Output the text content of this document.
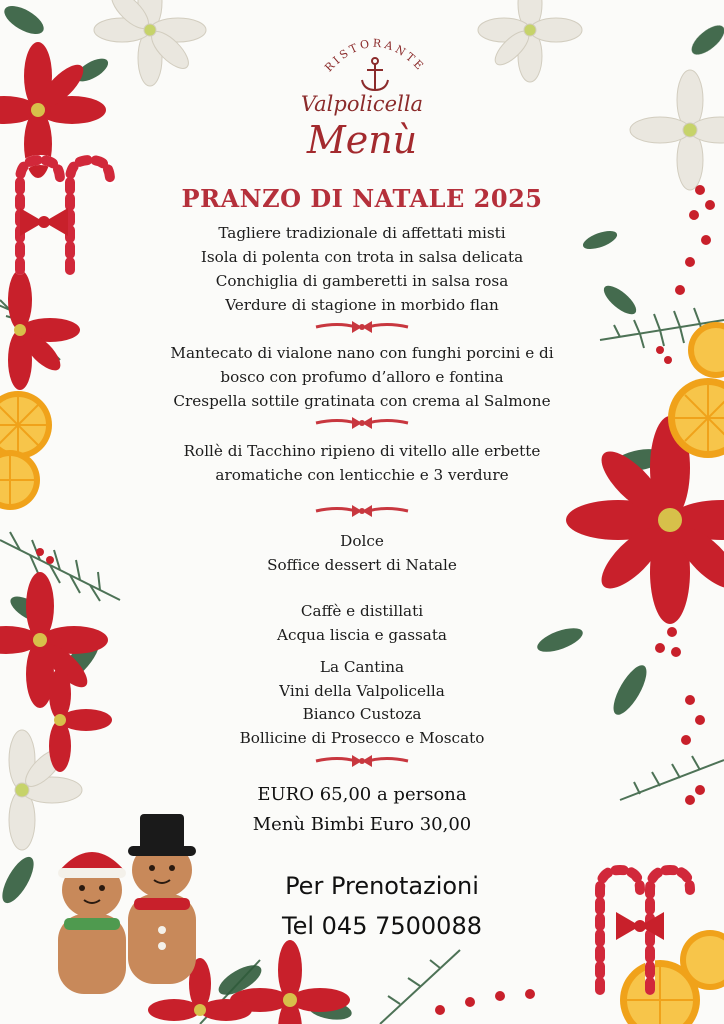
RISTORANTE
Valpolicella
Menù
PRANZO DI NATALE 2025
Tagliere tradizionale di affettati misti
Isola di polenta con trota in salsa delicata
Conchiglia di gamberetti in salsa rosa
Verdure di stagione in morbido flan
Mantecato di vialone nano con funghi porcini e di
bosco con profumo d’alloro e fontina
Crespella sottile gratinata con crema al Salmone
Rollè di Tacchino ripieno di vitello alle erbette
aromatiche con lenticchie e 3 verdure
Dolce
Soffice dessert di Natale
Caffè e distillati
Acqua liscia e gassata
La Cantina
Vini della Valpolicella
Bianco Custoza
Bollicine di Prosecco e Moscato
EURO 65,00 a persona
Menù Bimbi Euro 30,00
Per Prenotazioni
Tel 045 7500088
